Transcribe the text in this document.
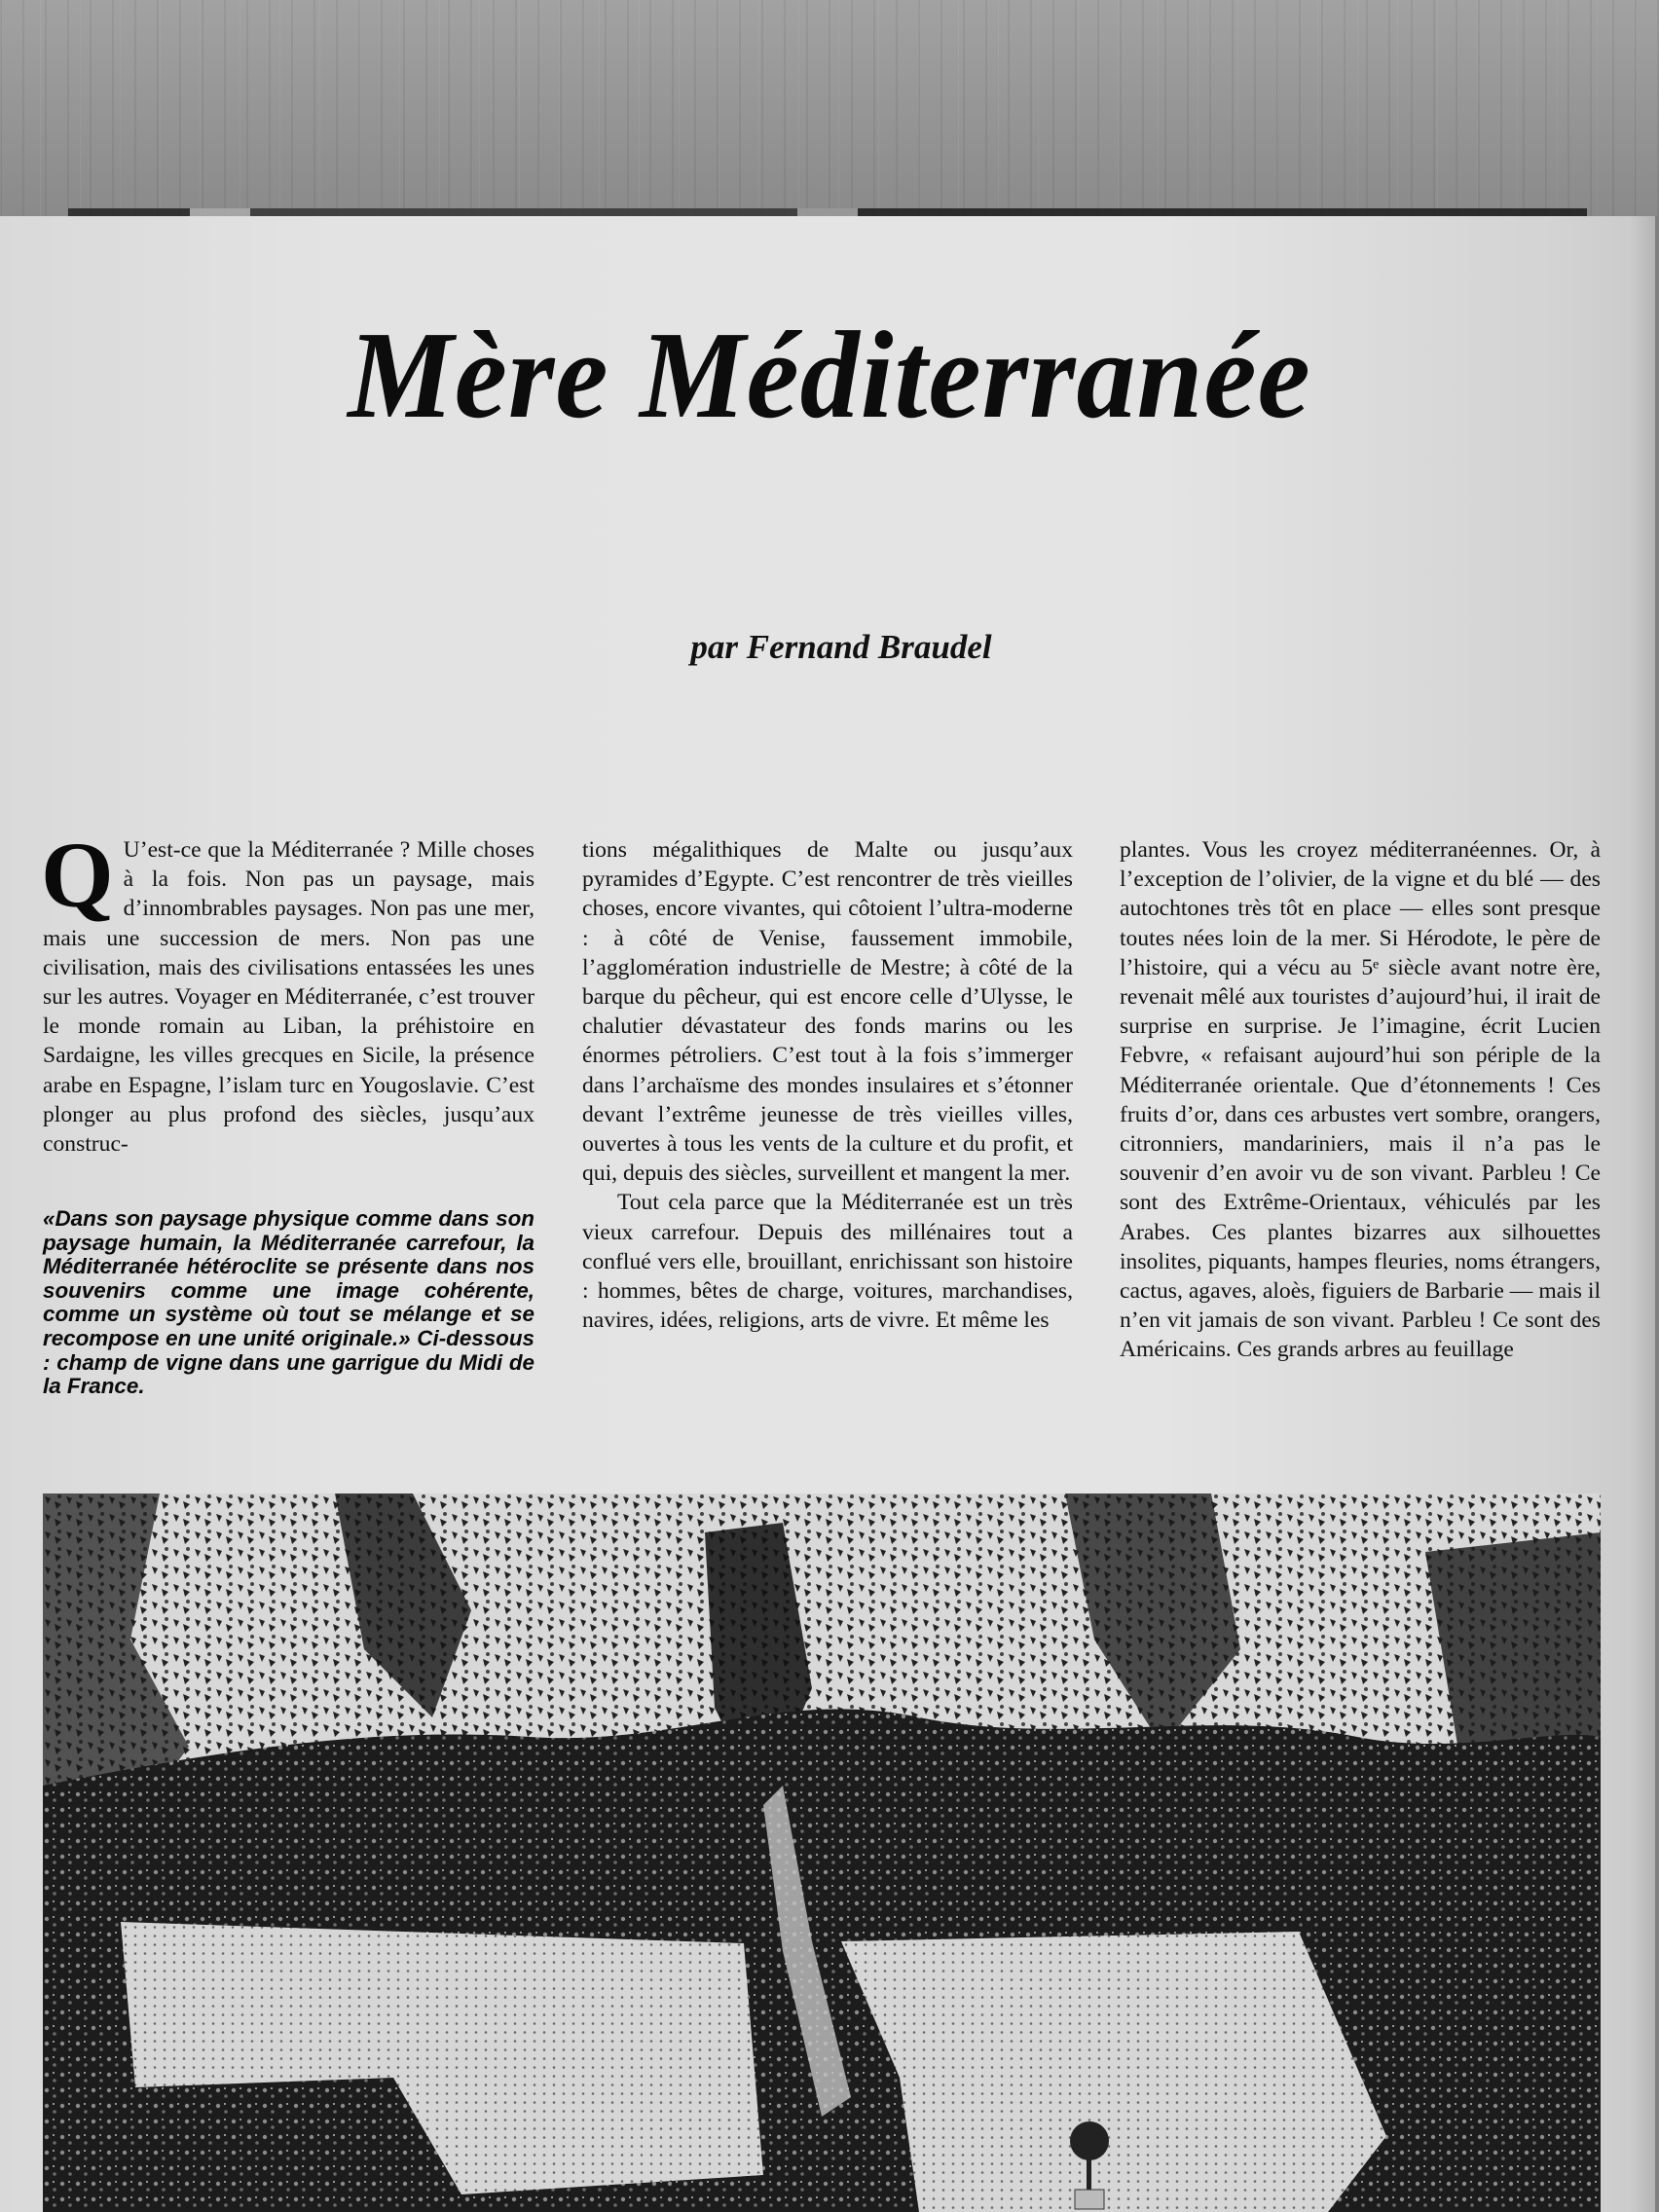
Mère Méditerranée
par Fernand Braudel
Q U’est-ce que la Méditerranée ? Mille choses à la fois. Non pas un paysage, mais d’innombrables paysages. Non pas une mer, mais une succession de mers. Non pas une civilisation, mais des civilisations entassées les unes sur les autres. Voyager en Méditerranée, c’est trouver le monde romain au Liban, la préhistoire en Sardaigne, les villes grecques en Sicile, la présence arabe en Espagne, l’islam turc en Yougoslavie. C’est plonger au plus profond des siècles, jusqu’aux construc-

«Dans son paysage physique comme dans son paysage humain, la Méditerranée carrefour, la Méditerranée hétéroclite se présente dans nos souvenirs comme une image cohérente, comme un système où tout se mélange et se recompose en une unité originale.» Ci-dessous : champ de vigne dans une garrigue du Midi de la France.

tions mégalithiques de Malte ou jusqu’aux pyramides d’Egypte. C’est rencontrer de très vieilles choses, encore vivantes, qui côtoient l’ultra-moderne : à côté de Venise, faussement immobile, l’agglomération industrielle de Mestre; à côté de la barque du pêcheur, qui est encore celle d’Ulysse, le chalutier dévastateur des fonds marins ou les énormes pétroliers. C’est tout à la fois s’immerger dans l’archaïsme des mondes insulaires et s’étonner devant l’extrême jeunesse de très vieilles villes, ouvertes à tous les vents de la culture et du profit, et qui, depuis des siècles, surveillent et mangent la mer.

Tout cela parce que la Méditerranée est un très vieux carrefour. Depuis des millénaires tout a conflué vers elle, brouillant, enrichissant son histoire : hommes, bêtes de charge, voitures, marchandises, navires, idées, religions, arts de vivre. Et même les

plantes. Vous les croyez méditerranéennes. Or, à l’exception de l’olivier, de la vigne et du blé — des autochtones très tôt en place — elles sont presque toutes nées loin de la mer. Si Hérodote, le père de l’histoire, qui a vécu au 5ᵉ siècle avant notre ère, revenait mêlé aux touristes d’aujourd’hui, il irait de surprise en surprise. Je l’imagine, écrit Lucien Febvre, « refaisant aujourd’hui son périple de la Méditerranée orientale. Que d’étonnements ! Ces fruits d’or, dans ces arbustes vert sombre, orangers, citronniers, mandariniers, mais il n’a pas le souvenir d’en avoir vu de son vivant. Parbleu ! Ce sont des Extrême-Orientaux, véhiculés par les Arabes. Ces plantes bizarres aux silhouettes insolites, piquants, hampes fleuries, noms étrangers, cactus, agaves, aloès, figuiers de Barbarie — mais il n’en vit jamais de son vivant. Parbleu ! Ce sont des Américains. Ces grands arbres au feuillage
